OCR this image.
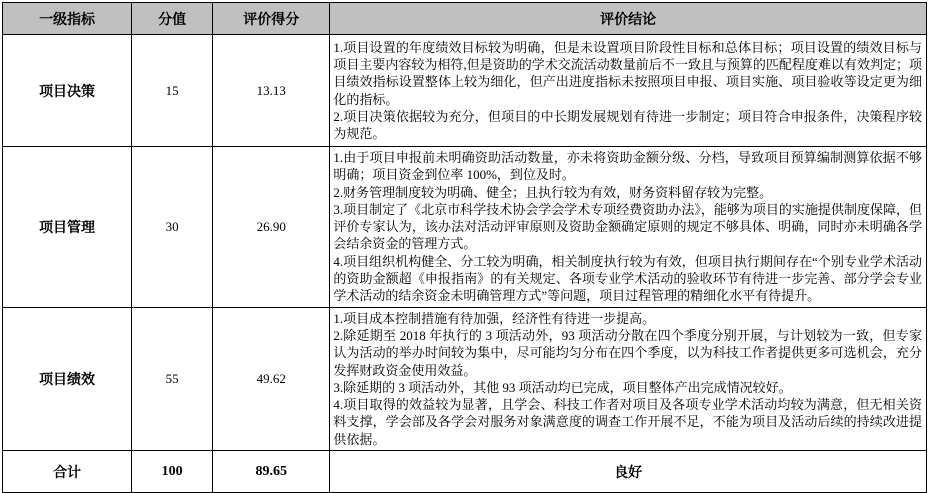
一级指标	分值	评价得分	评价结论
项目决策	15	13.13	1.项目设置的年度绩效目标较为明确，但是未设置项目阶段性目标和总体目标；项目设置的绩效目标与项目主要内容较为相符,但是资助的学术交流活动数量前后不一致且与预算的匹配程度难以有效判定；项目绩效指标设置整体上较为细化，但产出进度指标未按照项目申报、项目实施、项目验收等设定更为细化的指标。
2.项目决策依据较为充分，但项目的中长期发展规划有待进一步制定；项目符合申报条件，决策程序较为规范。

项目管理	30	26.90	1.由于项目申报前未明确资助活动数量，亦未将资助金额分级、分档，导致项目预算编制测算依据不够明确；项目资金到位率 100%，到位及时。
2.财务管理制度较为明确、健全；且执行较为有效，财务资料留存较为完整。
3.项目制定了《北京市科学技术协会学会学术专项经费资助办法》，能够为项目的实施提供制度保障，但评价专家认为，该办法对活动评审原则及资助金额确定原则的规定不够具体、明确，同时亦未明确各学会结余资金的管理方式。
4.项目组织机构健全、分工较为明确，相关制度执行较为有效，但项目执行期间存在“个别专业学术活动的资助金额超《申报指南》的有关规定、各项专业学术活动的验收环节有待进一步完善、部分学会专业学术活动的结余资金未明确管理方式”等问题，项目过程管理的精细化水平有待提升。

项目绩效	55	49.62	1.项目成本控制措施有待加强，经济性有待进一步提高。
2.除延期至 2018 年执行的 3 项活动外，93 项活动分散在四个季度分别开展，与计划较为一致，但专家认为活动的举办时间较为集中，尽可能均匀分布在四个季度，以为科技工作者提供更多可选机会，充分发挥财政资金使用效益。
3.除延期的 3 项活动外，其他 93 项活动均已完成，项目整体产出完成情况较好。
4.项目取得的效益较为显著，且学会、科技工作者对项目及各项专业学术活动均较为满意，但无相关资料支撑，学会部及各学会对服务对象满意度的调查工作开展不足，不能为项目及活动后续的持续改进提供依据。

合计	100	89.65	良好
